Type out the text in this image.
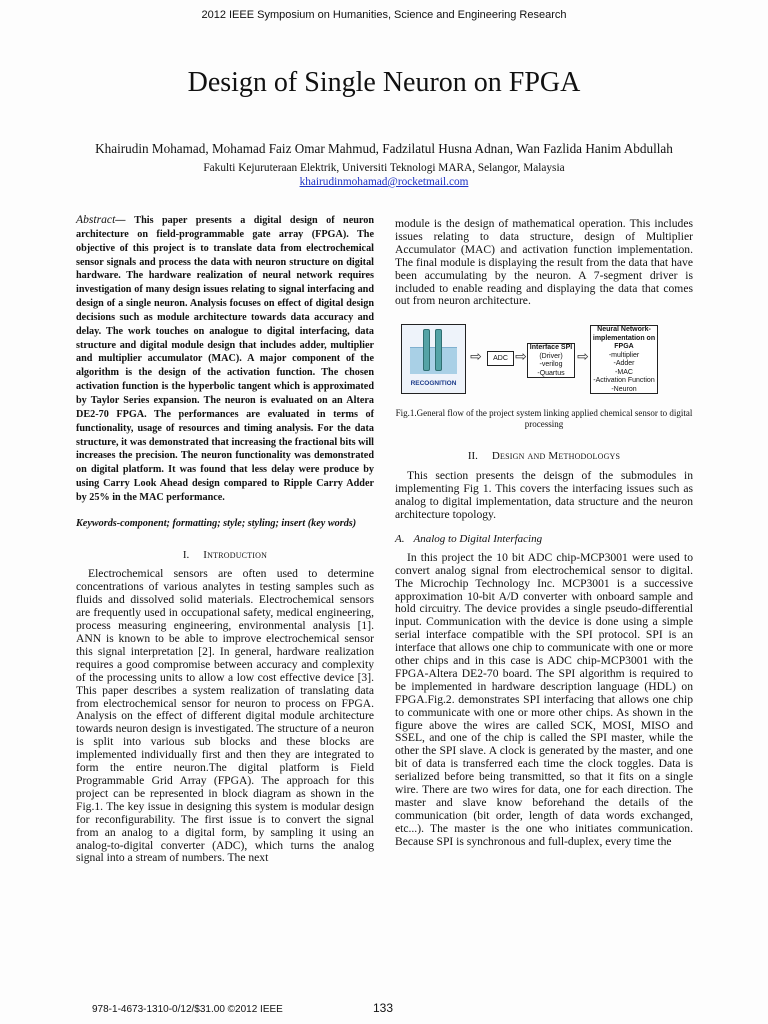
2012 IEEE Symposium on Humanities, Science and Engineering Research
Design of Single Neuron on FPGA
Khairudin Mohamad, Mohamad Faiz Omar Mahmud, Fadzilatul Husna Adnan, Wan Fazlida Hanim Abdullah
Fakulti Kejuruteraan Elektrik, Universiti Teknologi MARA, Selangor, Malaysia
khairudinmohamad@rocketmail.com

Abstract— This paper presents a digital design of neuron architecture on field-programmable gate array (FPGA). The objective of this project is to translate data from electrochemical sensor signals and process the data with neuron structure on digital hardware. The hardware realization of neural network requires investigation of many design issues relating to signal interfacing and design of a single neuron. Analysis focuses on effect of digital design decisions such as module architecture towards data accuracy and delay. The work touches on analogue to digital interfacing, data structure and digital module design that includes adder, multiplier and multiplier accumulator (MAC). A major component of the algorithm is the design of the activation function. The chosen activation function is the hyperbolic tangent which is approximated by Taylor Series expansion. The neuron is evaluated on an Altera DE2-70 FPGA. The performances are evaluated in terms of functionality, usage of resources and timing analysis. For the data structure, it was demonstrated that increasing the fractional bits will increases the precision. The neuron functionality was demonstrated on digital platform. It was found that less delay were produce by using Carry Look Ahead design compared to Ripple Carry Adder by 25% in the MAC performance.

Keywords-component; formatting; style; styling; insert (key words)

I. Introduction

Electrochemical sensors are often used to determine concentrations of various analytes in testing samples such as fluids and dissolved solid materials. Electrochemical sensors are frequently used in occupational safety, medical engineering, process measuring engineering, environmental analysis [1]. ANN is known to be able to improve electrochemical sensor this signal interpretation [2]. In general, hardware realization requires a good compromise between accuracy and complexity of the processing units to allow a low cost effective device [3]. This paper describes a system realization of translating data from electrochemical sensor for neuron to process on FPGA. Analysis on the effect of different digital module architecture towards neuron design is investigated. The structure of a neuron is split into various sub blocks and these blocks are implemented individually first and then they are integrated to form the entire neuron.The digital platform is Field Programmable Grid Array (FPGA). The approach for this project can be represented in block diagram as shown in the Fig.1. The key issue in designing this system is modular design for reconfigurability. The first issue is to convert the signal from an analog to a digital form, by sampling it using an analog-to-digital converter (ADC), which turns the analog signal into a stream of numbers. The next

module is the design of mathematical operation. This includes issues relating to data structure, design of Multiplier Accumulator (MAC) and activation function implementation. The final module is displaying the result from the data that have been accumulating by the neuron. A 7-segment driver is included to enable reading and displaying the data that comes out from neuron architecture.

RECOGNITION
⇨	ADC ⇨
Interface SPI
(Driver)
-verilog
-Quartus
⇨
Neural Network-
implementation on
FPGA
-multiplier
-Adder
-MAC
-Activation Function
-Neuron

Fig.1.General flow of the project system linking applied chemical sensor to digital processing

II. Design and Methodologys

This section presents the deisgn of the submodules in implementing Fig 1. This covers the interfacing issues such as analog to digital implementation, data structure and the neuron architecture topology.

A. Analog to Digital Interfacing

In this project the 10 bit ADC chip-MCP3001 were used to convert analog signal from electrochemical sensor to digital. The Microchip Technology Inc. MCP3001 is a successive approximation 10-bit A/D converter with onboard sample and hold circuitry. The device provides a single pseudo-differential input. Communication with the device is done using a simple serial interface compatible with the SPI protocol. SPI is an interface that allows one chip to communicate with one or more other chips and in this case is ADC chip-MCP3001 with the FPGA-Altera DE2-70 board. The SPI algorithm is required to be implemented in hardware description language (HDL) on FPGA.Fig.2. demonstrates SPI interfacing that allows one chip to communicate with one or more other chips. As shown in the figure above the wires are called SCK, MOSI, MISO and SSEL, and one of the chip is called the SPI master, while the other the SPI slave. A clock is generated by the master, and one bit of data is transferred each time the clock toggles. Data is serialized before being transmitted, so that it fits on a single wire. There are two wires for data, one for each direction. The master and slave know beforehand the details of the communication (bit order, length of data words exchanged, etc...). The master is the one who initiates communication. Because SPI is synchronous and full-duplex, every time the

978-1-4673-1310-0/12/$31.00 ©2012 IEEE	133
